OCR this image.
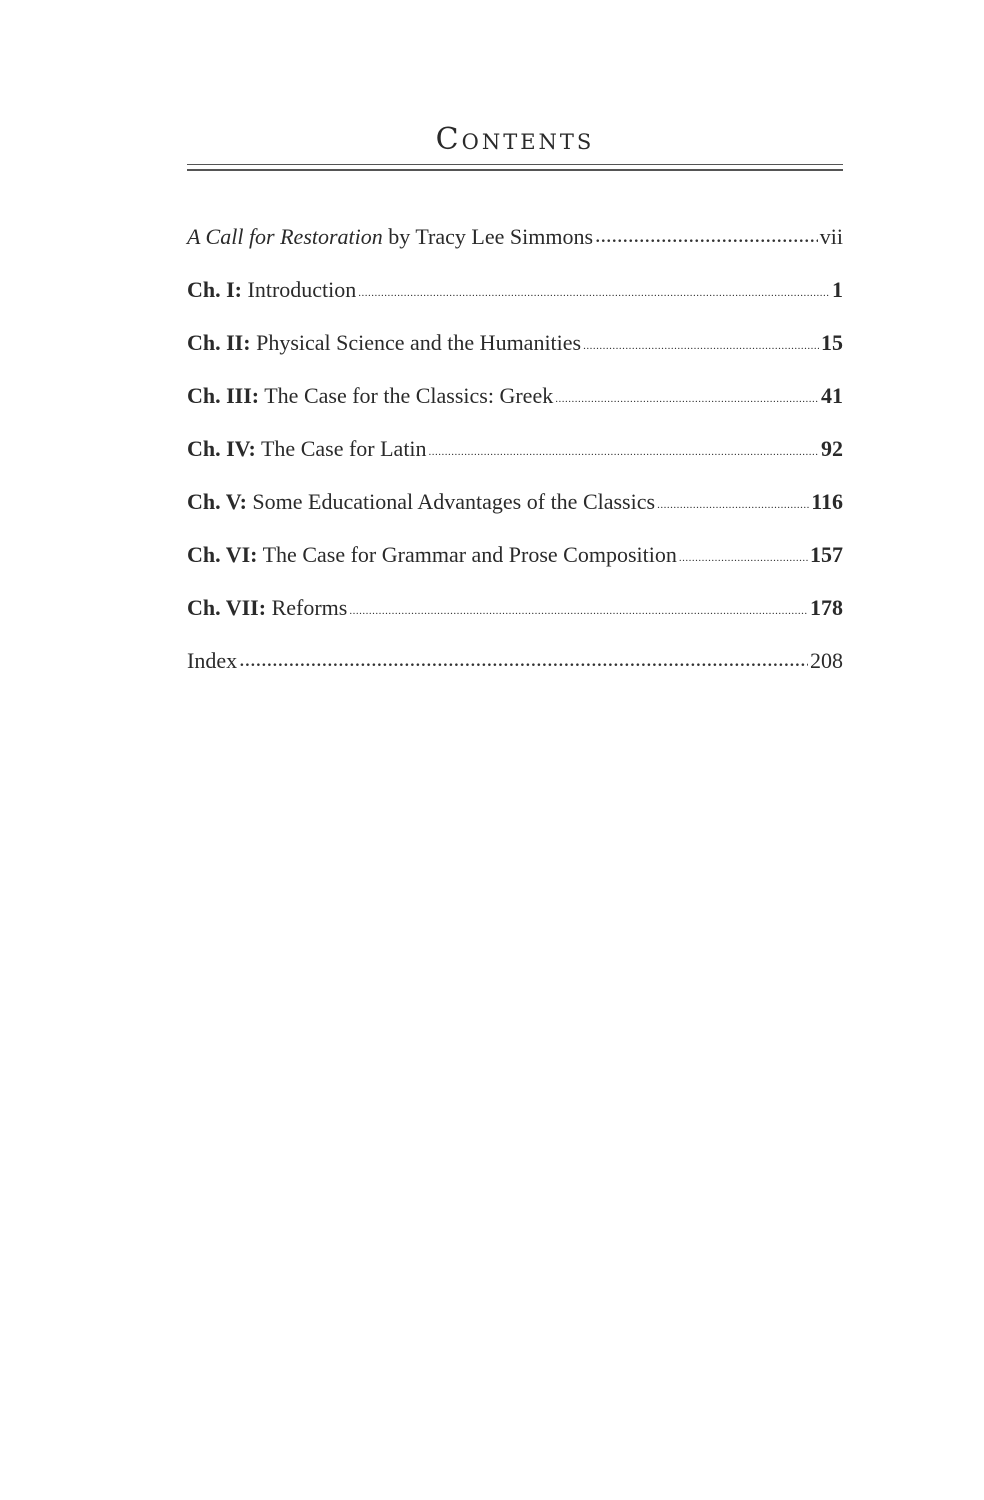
Contents
A Call for Restoration by Tracy Lee Simmons .....	vii
Ch. I: Introduction .....	1
Ch. II: Physical Science and the Humanities .....	15
Ch. III: The Case for the Classics: Greek .....	41
Ch. IV: The Case for Latin .....	92
Ch. V: Some Educational Advantages of the Classics .....	116
Ch. VI: The Case for Grammar and Prose Composition .....	157
Ch. VII: Reforms .....	178
Index .....	208
